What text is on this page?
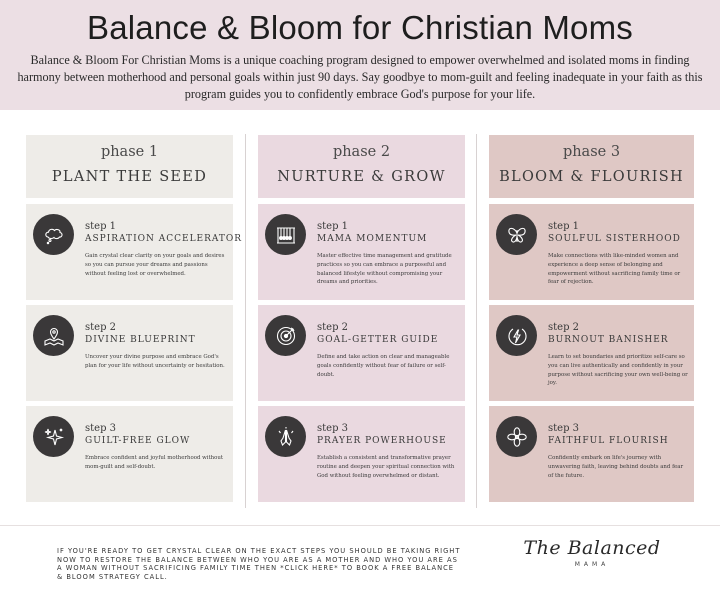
Balance & Bloom for Christian Moms
Balance & Bloom For Christian Moms is a unique coaching program designed to empower overwhelmed and isolated moms in finding harmony between motherhood and personal goals within just 90 days. Say goodbye to mom-guilt and feeling inadequate in your faith as this program guides you to confidently embrace God's purpose for your life.
phase 1
PLANT THE SEED
step 1
ASPIRATION ACCELERATOR
Gain crystal clear clarity on your goals and desires so you can pursue your dreams and passions without feeling lost or overwhelmed.
step 2
DIVINE BLUEPRINT
Uncover your divine purpose and embrace God's plan for your life without uncertainty or hesitation.
step 3
GUILT-FREE GLOW
Embrace confident and joyful motherhood without mom-guilt and self-doubt.
phase 2
NURTURE & GROW
step 1
MAMA MOMENTUM
Master effective time management and gratitude practices so you can embrace a purposeful and balanced lifestyle without compromising your dreams and priorities.
step 2
GOAL-GETTER GUIDE
Define and take action on clear and manageable goals confidently without fear of failure or self-doubt.
step 3
PRAYER POWERHOUSE
Establish a consistent and transformative prayer routine and deepen your spiritual connection with God without feeling overwhelmed or distant.
phase 3
BLOOM & FLOURISH
step 1
SOULFUL SISTERHOOD
Make connections with like-minded women and experience a deep sense of belonging and empowerment without sacrificing family time or fear of rejection.
step 2
BURNOUT BANISHER
Learn to set boundaries and prioritize self-care so you can live authentically and confidently in your purpose without sacrificing your own well-being or joy.
step 3
FAITHFUL FLOURISH
Confidently embark on life's journey with unwavering faith, leaving behind doubts and fear of the future.
IF YOU'RE READY TO GET CRYSTAL CLEAR ON THE EXACT STEPS YOU SHOULD BE TAKING RIGHT NOW TO RESTORE THE BALANCE BETWEEN WHO YOU ARE AS A MOTHER AND WHO YOU ARE AS A WOMAN WITHOUT SACRIFICING FAMILY TIME THEN *CLICK HERE* TO BOOK A FREE BALANCE & BLOOM STRATEGY CALL.
The Balanced
MAMA
